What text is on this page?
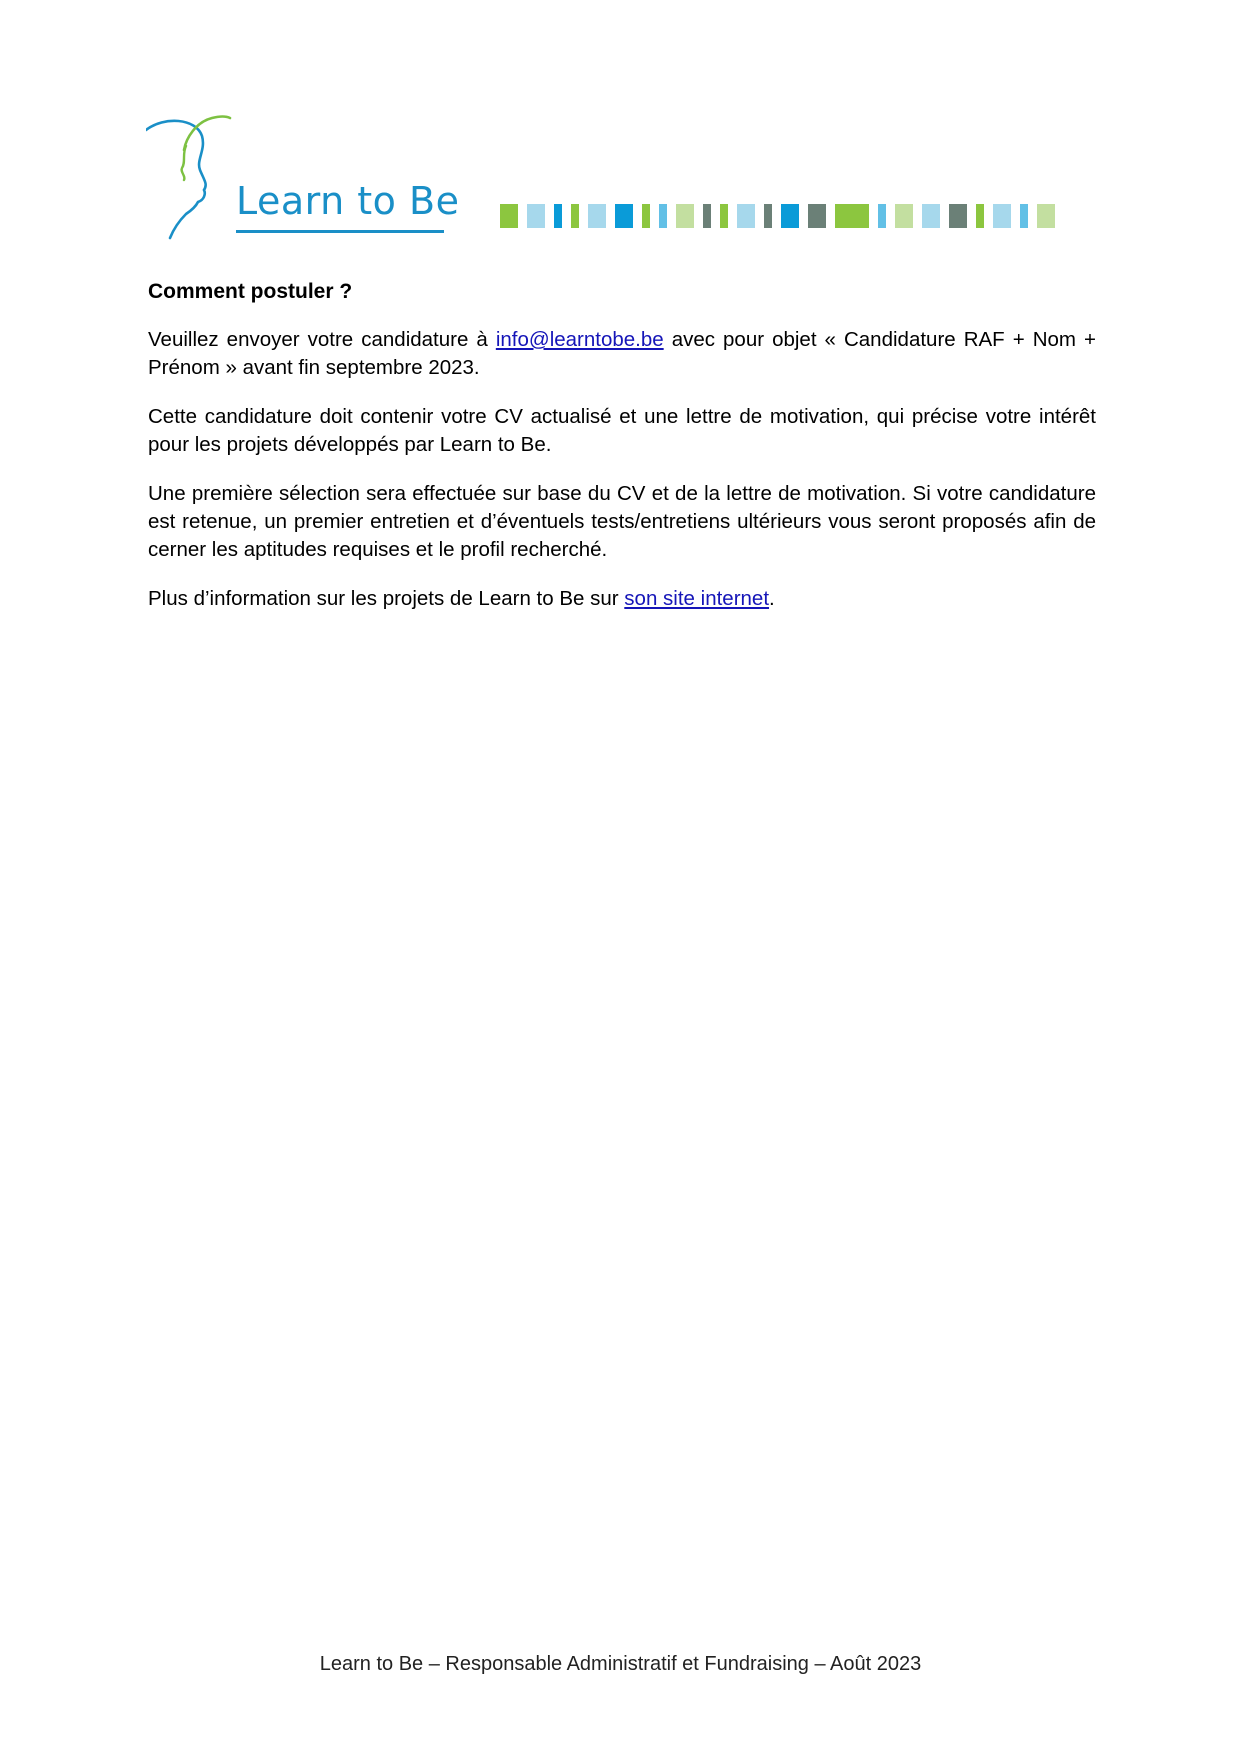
Learn to Be
Comment postuler ?

Veuillez envoyer votre candidature à info@learntobe.be avec pour objet « Candidature RAF + Nom + Prénom » avant fin septembre 2023.

Cette candidature doit contenir votre CV actualisé et une lettre de motivation, qui précise votre intérêt pour les projets développés par Learn to Be.

Une première sélection sera effectuée sur base du CV et de la lettre de motivation. Si votre candidature est retenue, un premier entretien et d’éventuels tests/entretiens ultérieurs vous seront proposés afin de cerner les aptitudes requises et le profil recherché.

Plus d’information sur les projets de Learn to Be sur son site internet.

Learn to Be – Responsable Administratif et Fundraising – Août 2023
